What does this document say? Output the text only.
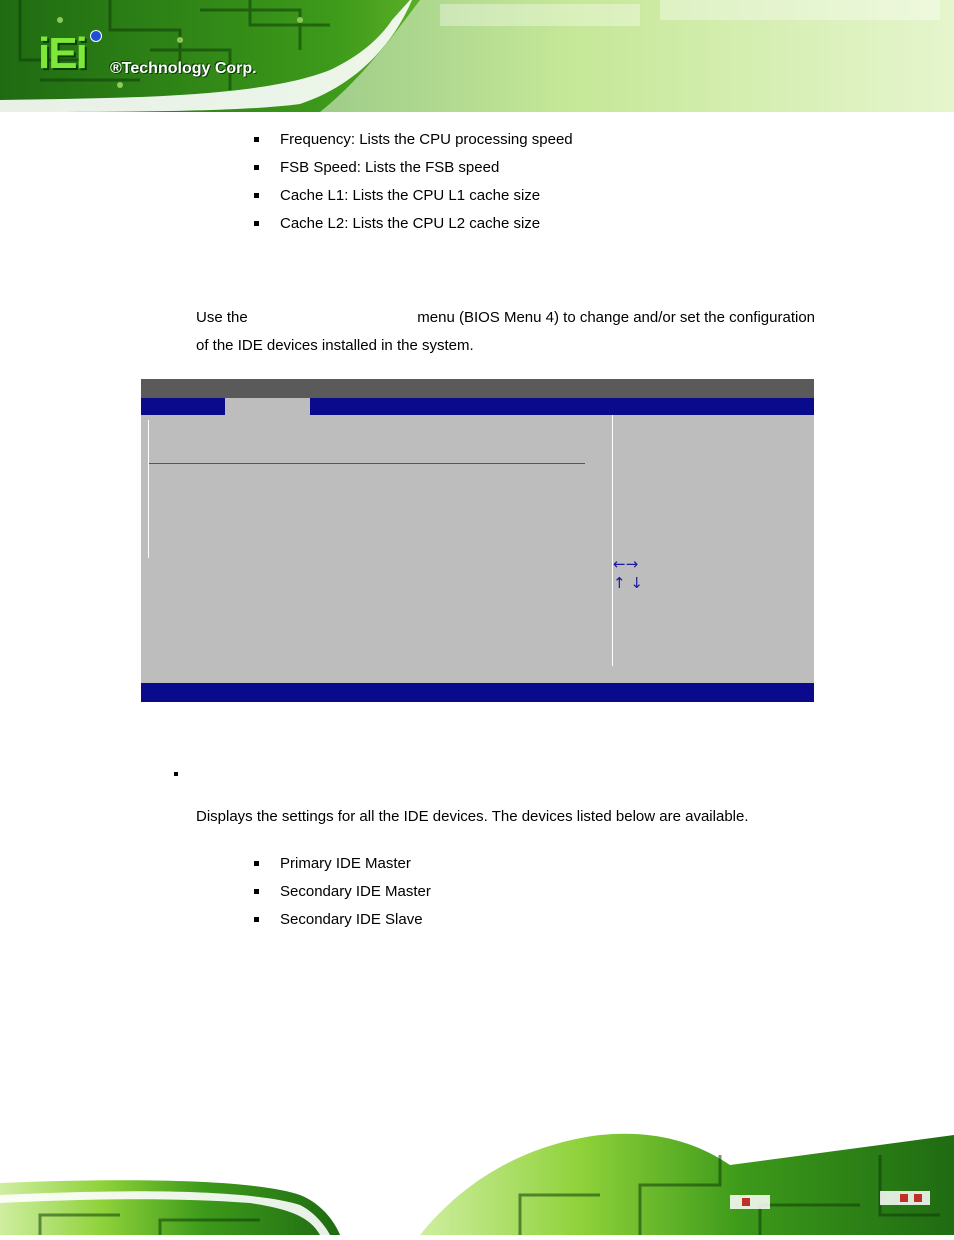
iEi ®Technology Corp.
Frequency: Lists the CPU processing speed
FSB Speed: Lists the FSB speed
Cache L1: Lists the CPU L1 cache size
Cache L2: Lists the CPU L2 cache size
Use the	menu (BIOS Menu 4) to change and/or set the configuration
of the IDE devices installed in the system.
←→
↑ ↓
Displays the settings for all the IDE devices. The devices listed below are available.
Primary IDE Master
Secondary IDE Master
Secondary IDE Slave
